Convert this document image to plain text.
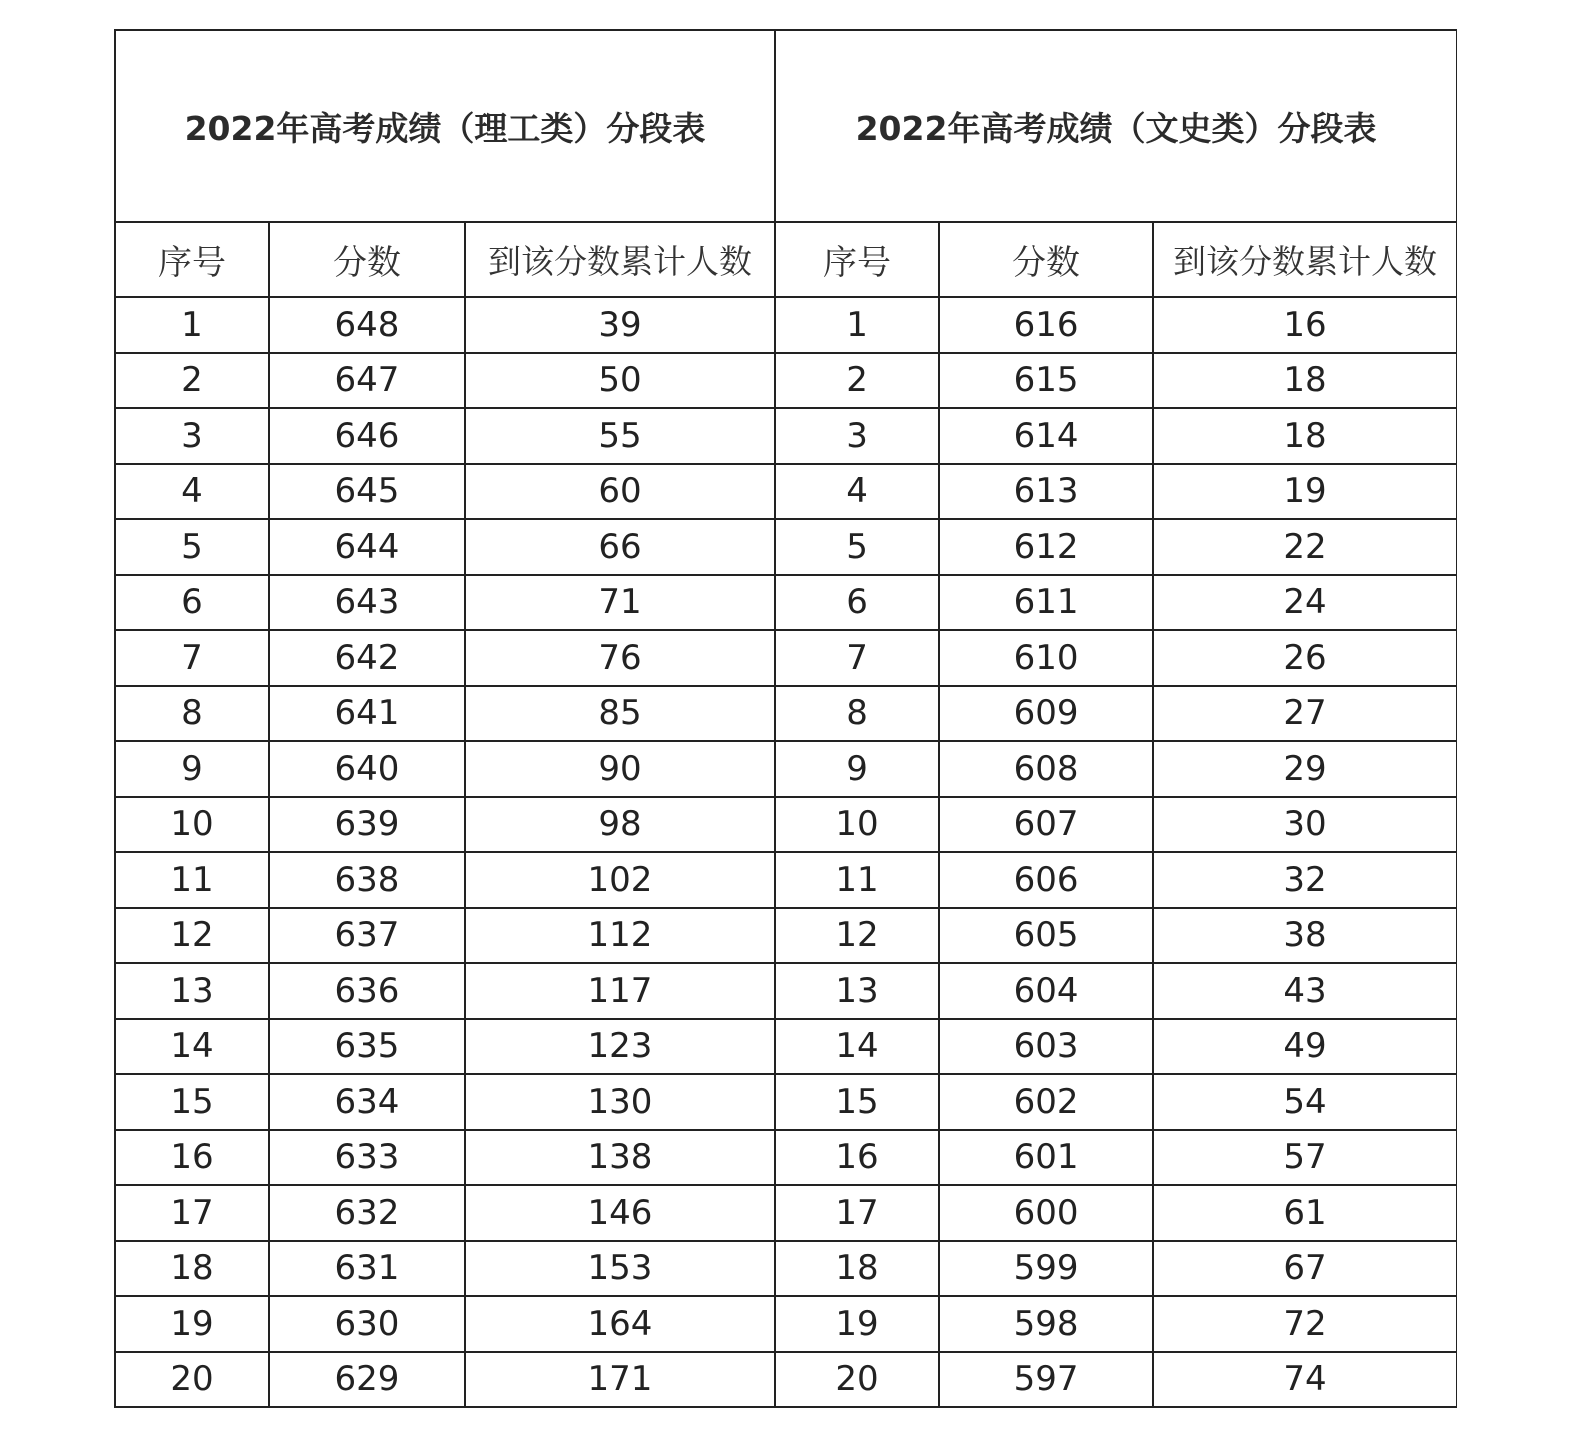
2022年高考成绩（理工类）分段表			2022年高考成绩（文史类）分段表		
序号	分数	到该分数累计人数	序号	分数	到该分数累计人数
1	648	39	1	616	16
2	647	50	2	615	18
3	646	55	3	614	18
4	645	60	4	613	19
5	644	66	5	612	22
6	643	71	6	611	24
7	642	76	7	610	26
8	641	85	8	609	27
9	640	90	9	608	29
10	639	98	10	607	30
11	638	102	11	606	32
12	637	112	12	605	38
13	636	117	13	604	43
14	635	123	14	603	49
15	634	130	15	602	54
16	633	138	16	601	57
17	632	146	17	600	61
18	631	153	18	599	67
19	630	164	19	598	72
20	629	171	20	597	74
